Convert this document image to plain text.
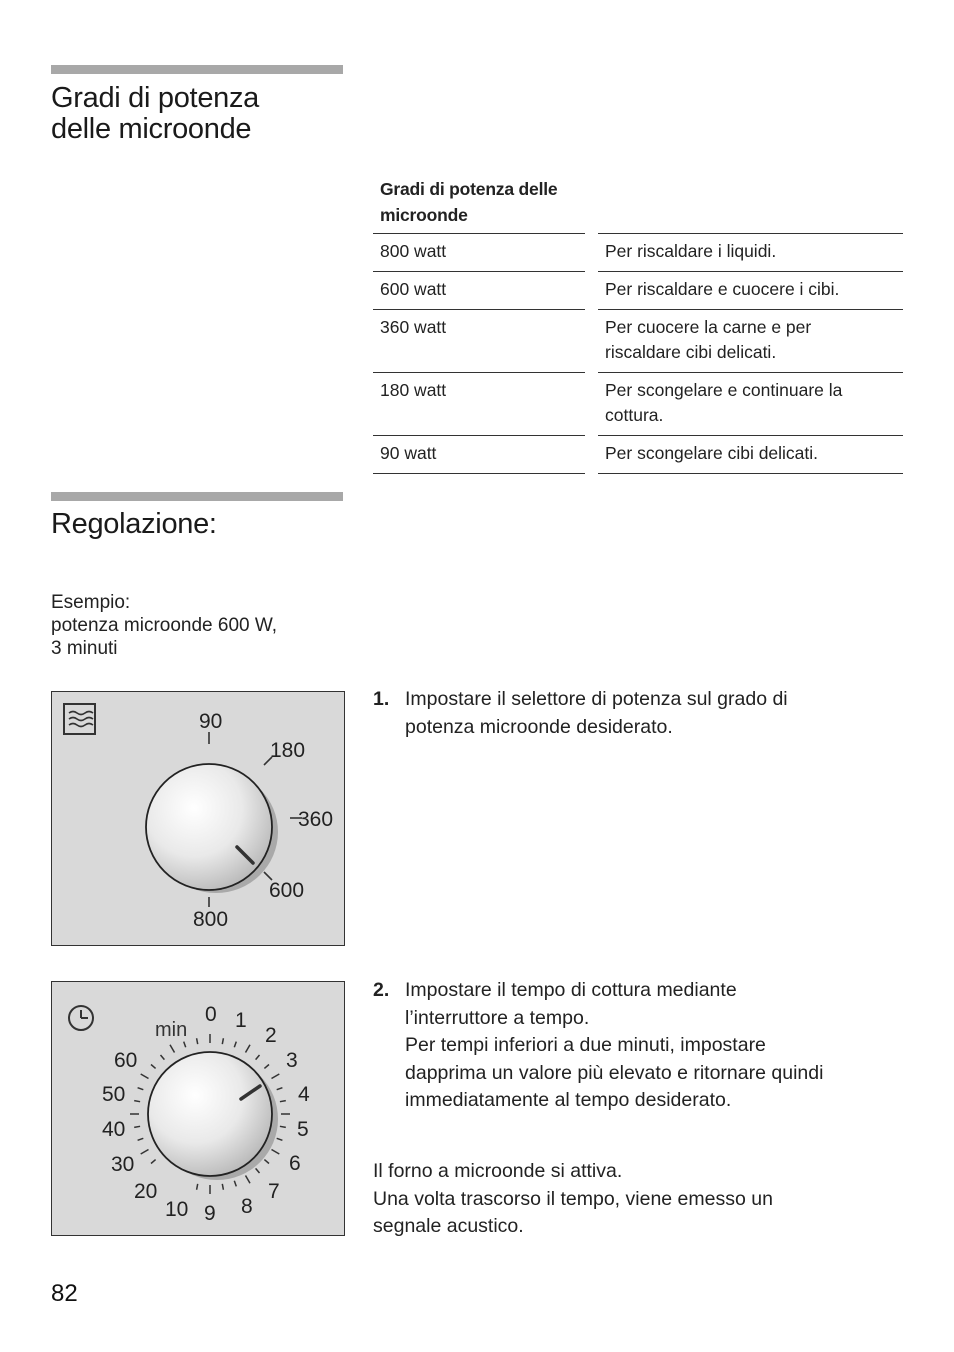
Gradi di potenza
delle microonde
Gradi di potenza delle
microonde
800 watt	Per riscaldare i liquidi.
600 watt	Per riscaldare e cuocere i cibi.
360 watt	Per cuocere la carne e per
riscaldare cibi delicati.
180 watt	Per scongelare e continuare la
cottura.
90 watt	Per scongelare cibi delicati.
Regolazione:
Esempio:
potenza microonde 600 W,
3 minuti
90
180
360
600
800
1. Impostare il selettore di potenza sul grado di
potenza microonde desiderato.
min
0 1
2
3
4
5
6
7
8
9
10
20
30
40
50
60
2. Impostare il tempo di cottura mediante
l’interruttore a tempo.
Per tempi inferiori a due minuti, impostare
dapprima un valore più elevato e ritornare quindi
immediatamente al tempo desiderato.
Il forno a microonde si attiva.
Una volta trascorso il tempo, viene emesso un
segnale acustico.
82
